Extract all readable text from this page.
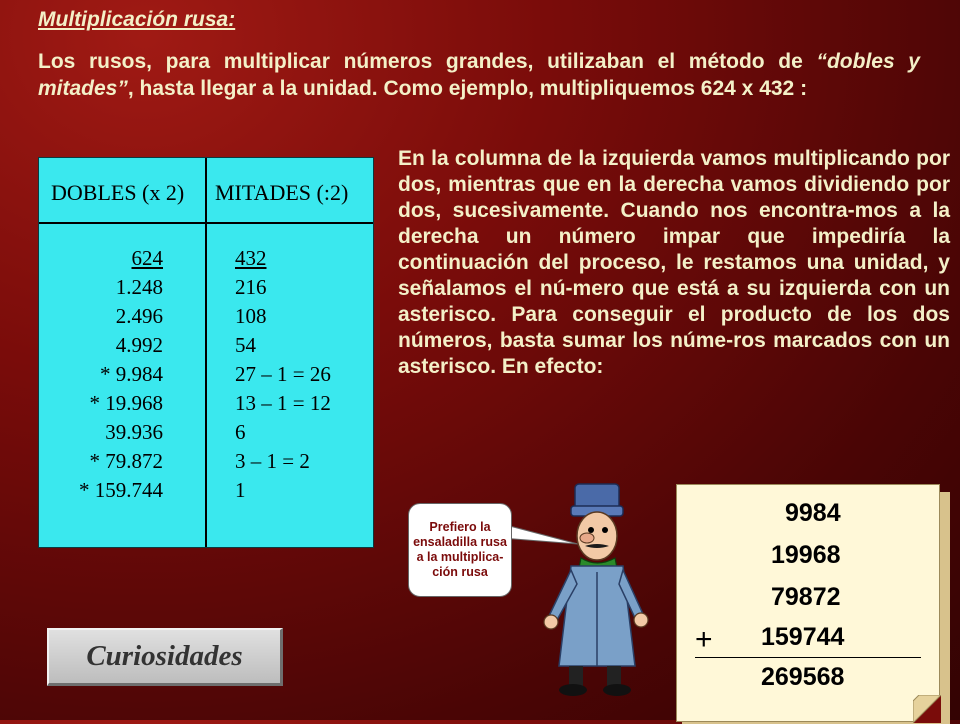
Multiplicación rusa:
Los rusos, para multiplicar números grandes, utilizaban el método de “dobles y mitades”, hasta llegar a la unidad. Como ejemplo, multipliquemos 624 x 432 :
DOBLES (x 2) MITADES (:2)
624
1.248
2.496
4.992
* 9.984
* 19.968
39.936
* 79.872
* 159.744
432
216
108
54
27 – 1 = 26
13 – 1 = 12
6
3 – 1 = 2
1
En la columna de la izquierda vamos multiplicando por dos, mientras que en la derecha vamos dividiendo por dos, sucesivamente. Cuando nos encontra-mos a la derecha un número impar que impediría la continuación del proceso, le restamos una unidad, y señalamos el nú-mero que está a su izquierda con un asterisco. Para conseguir el producto de los dos números, basta sumar los núme-ros marcados con un asterisco. En efecto:
Prefiero la ensaladilla rusa a la multiplica-ción rusa
9984
19968
79872
+ 159744
269568
Curiosidades
